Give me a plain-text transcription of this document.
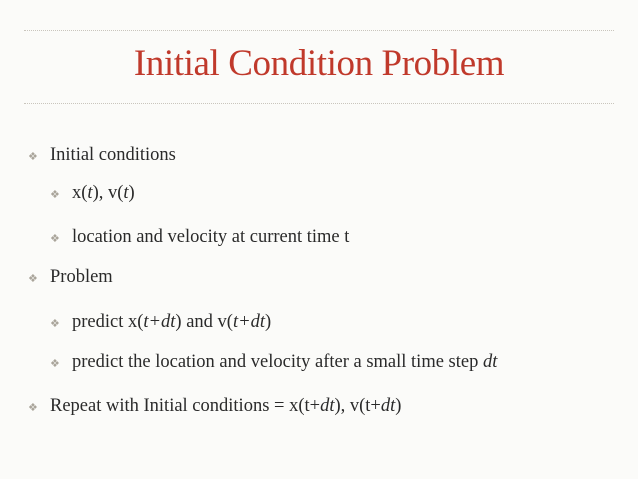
Initial Condition Problem
❖ Initial conditions
❖ x(t), v(t)
❖ location and velocity at current time t
❖ Problem
❖ predict x(t+dt) and v(t+dt)
❖ predict the location and velocity after a small time step dt
❖ Repeat with Initial conditions = x(t+dt), v(t+dt)
